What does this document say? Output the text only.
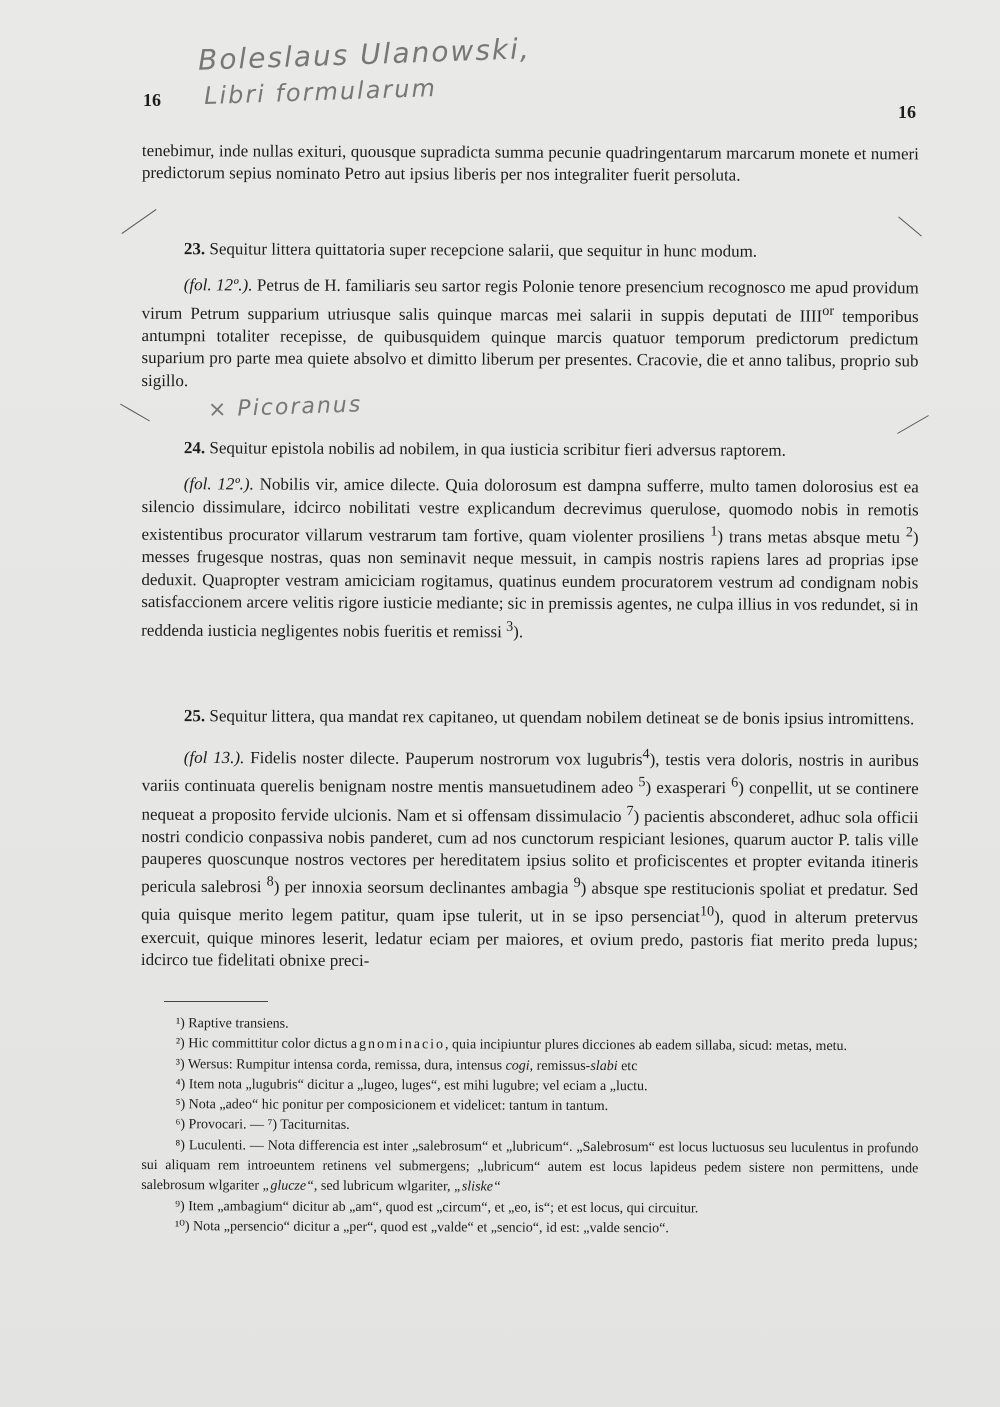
Boleslaus Ulanowski,
Libri formularum
16
16

tenebimur, inde nullas exituri, quousque supradicta summa pecunie quadringentarum marcarum monete et numeri predictorum sepius nominato Petro aut ipsius liberis per nos integraliter fuerit persoluta.

23. Sequitur littera quittatoria super recepcione salarii, que sequitur in hunc modum.

(fol. 12º.). Petrus de H. familiaris seu sartor regis Polonie tenore presencium recognosco me apud providum virum Petrum supparium utriusque salis quinque marcas mei salarii in suppis deputati de $IIII^{or}$ temporibus antumpni totaliter recepisse, de quibusquidem quinque marcis quatuor temporum predictorum predictum suparium pro parte mea quiete absolvo et dimitto liberum per presentes. Cracovie, die et anno talibus, proprio sub sigillo.

× Picoranus

24. Sequitur epistola nobilis ad nobilem, in qua iusticia scribitur fieri adversus raptorem.

(fol. 12º.). Nobilis vir, amice dilecte. Quia dolorosum est dampna sufferre, multo tamen dolorosius est ea silencio dissimulare, idcirco nobilitati vestre explicandum decrevimus querulose, quomodo nobis in remotis existentibus procurator villarum vestrarum tam fortive, quam violenter prosiliens $^1$) trans metas absque metu $^2$) messes frugesque nostras, quas non seminavit neque messuit, in campis nostris rapiens lares ad proprias ipse deduxit. Quapropter vestram amiciciam rogitamus, quatinus eundem procuratorem vestrum ad condignam nobis satisfaccionem arcere velitis rigore iusticie mediante; sic in premissis agentes, ne culpa illius in vos redundet, si in reddenda iusticia negligentes nobis fueritis et remissi $^3$).

25. Sequitur littera, qua mandat rex capitaneo, ut quendam nobilem detineat se de bonis ipsius intromittens.

(fol 13.). Fidelis noster dilecte. Pauperum nostrorum vox lugubris$^4$), testis vera doloris, nostris in auribus variis continuata querelis benignam nostre mentis mansuetudinem adeo $^5$) exasperari $^6$) conpellit, ut se continere nequeat a proposito fervide ulcionis. Nam et si offensam dissimulacio $^7$) pacientis absconderet, adhuc sola officii nostri condicio conpassiva nobis panderet, cum ad nos cunctorum respiciant lesiones, quarum auctor P. talis ville pauperes quoscunque nostros vectores per hereditatem ipsius solito et proficiscentes et propter evitanda itineris pericula salebrosi $^8$) per innoxia seorsum declinantes ambagia $^9$) absque spe restitucionis spoliat et predatur. Sed quia quisque merito legem patitur, quam ipse tulerit, ut in se ipso persenciat$^{10}$), quod in alterum pretervus exercuit, quique minores leserit, ledatur eciam per maiores, et ovium predo, pastoris fiat merito preda lupus; idcirco tue fidelitati obnixe preci-

¹) Raptive transiens.

²) Hic committitur color dictus agnominacio, quia incipiuntur plures dicciones ab eadem sillaba, sicud: metas, metu.

³) Wersus: Rumpitur intensa corda, remissa, dura, intensus cogi, remissus-slabi etc

⁴) Item nota „lugubris“ dicitur a „lugeo, luges“, est mihi lugubre; vel eciam a „luctu.

⁵) Nota „adeo“ hic ponitur per composicionem et videlicet: tantum in tantum.

⁶) Provocari. — ⁷) Taciturnitas.

⁸) Luculenti. — Nota differencia est inter „salebrosum“ et „lubricum“. „Salebrosum“ est locus luctuosus seu luculentus in profundo sui aliquam rem introeuntem retinens vel submergens; „lubricum“ autem est locus lapideus pedem sistere non permittens, unde salebrosum wlgariter „glucze“, sed lubricum wlgariter, „sliske“

⁹) Item „ambagium“ dicitur ab „am“, quod est „circum“, et „eo, is“; et est locus, qui circuitur.

¹⁰) Nota „persencio“ dicitur a „per“, quod est „valde“ et „sencio“, id est: „valde sencio“.
